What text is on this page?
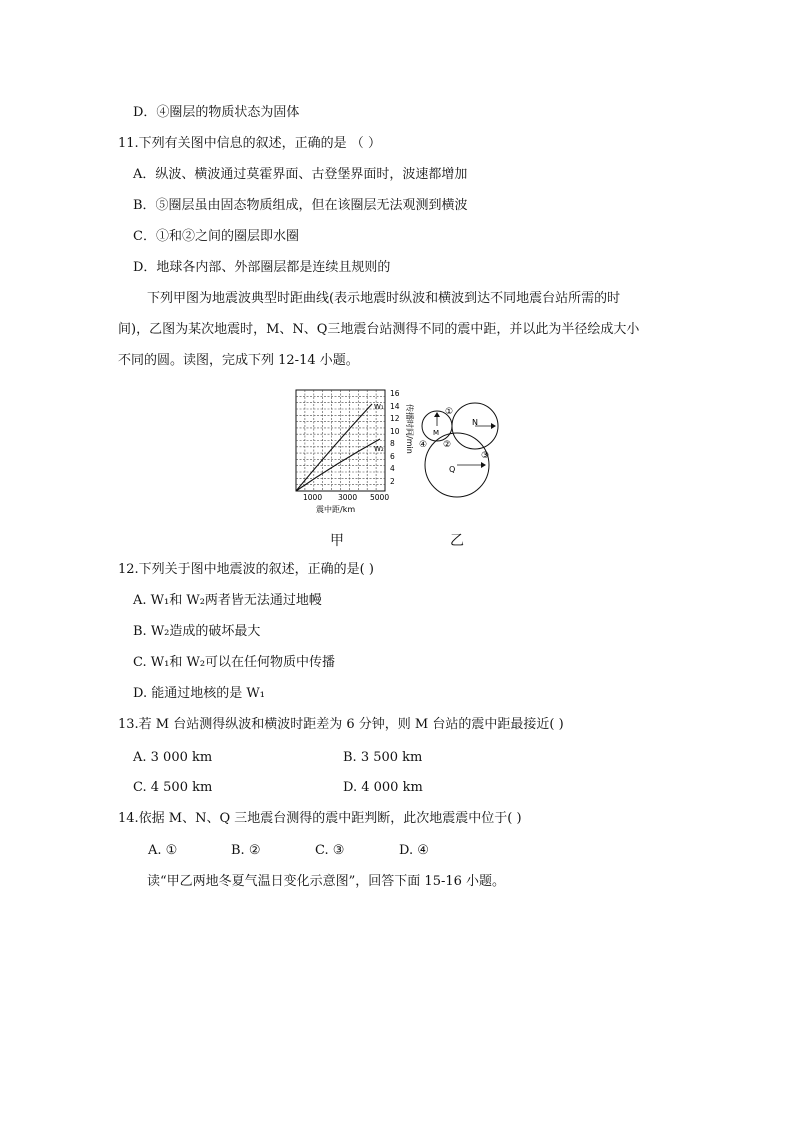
D．④圈层的物质状态为固体
11.下列有关图中信息的叙述，正确的是 （ ）
A．纵波、横波通过莫霍界面、古登堡界面时，波速都增加
B．⑤圈层虽由固态物质组成，但在该圈层无法观测到横波
C．①和②之间的圈层即水圈
D．地球各内部、外部圈层都是连续且规则的
下列甲图为地震波典型时距曲线(表示地震时纵波和横波到达不同地震台站所需的时
间)，乙图为某次地震时，M、N、Q三地震台站测得不同的震中距，并以此为半径绘成大小
不同的圆。读图，完成下列 12-14 小题。
W₁
W₂
16
14
12
10
8
6
4
2
1000 3000 5000
震中距/km
传播时间/min	M
N
Q
①
②
③
④
甲	乙
12.下列关于图中地震波的叙述，正确的是( )
A. W₁和 W₂两者皆无法通过地幔
B. W₂造成的破坏最大
C. W₁和 W₂可以在任何物质中传播
D. 能通过地核的是 W₁
13.若 M 台站测得纵波和横波时距差为 6 分钟，则 M 台站的震中距最接近( )
A. 3 000 km	B. 3 500 km
C. 4 500 km	D. 4 000 km
14.依据 M、N、Q 三地震台测得的震中距判断，此次地震震中位于( )
A. ①	B. ②	C. ③	D. ④
读“甲乙两地冬夏气温日变化示意图”，回答下面 15-16 小题。
